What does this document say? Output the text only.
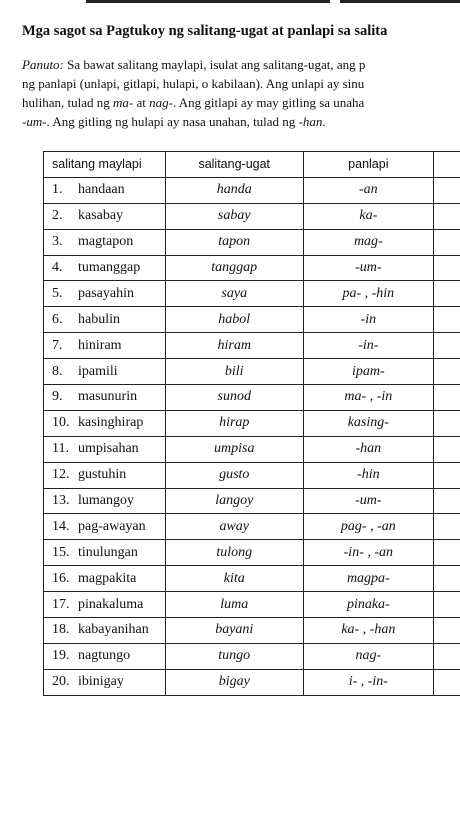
Mga sagot sa Pagtukoy ng salitang-ugat at panlapi sa salita
Panuto: Sa bawat salitang maylapi, isulat ang salitang-ugat, ang p
ng panlapi (unlapi, gitlapi, hulapi, o kabilaan). Ang unlapi ay sinu
hulihan, tulad ng ma- at nag-. Ang gitlapi ay may gitling sa unaha
-um-. Ang gitling ng hulapi ay nasa unahan, tulad ng -han.
salitang maylapi	salitang-ugat	panlapi	
1. handaan	handa	-an	
2. kasabay	sabay	ka-	
3. magtapon	tapon	mag-	
4. tumanggap	tanggap	-um-	
5. pasayahin	saya	pa- , -hin	
6. habulin	habol	-in	
7. hiniram	hiram	-in-	
8. ipamili	bili	ipam-	
9. masunurin	sunod	ma- , -in	
10. kasinghirap	hirap	kasing-	
11. umpisahan	umpisa	-han	
12. gustuhin	gusto	-hin	
13. lumangoy	langoy	-um-	
14. pag-awayan	away	pag- , -an	
15. tinulungan	tulong	-in- , -an	
16. magpakita	kita	magpa-	
17. pinakaluma	luma	pinaka-	
18. kabayanihan	bayani	ka- , -han	
19. nagtungo	tungo	nag-	
20. ibinigay	bigay	i- , -in-	
